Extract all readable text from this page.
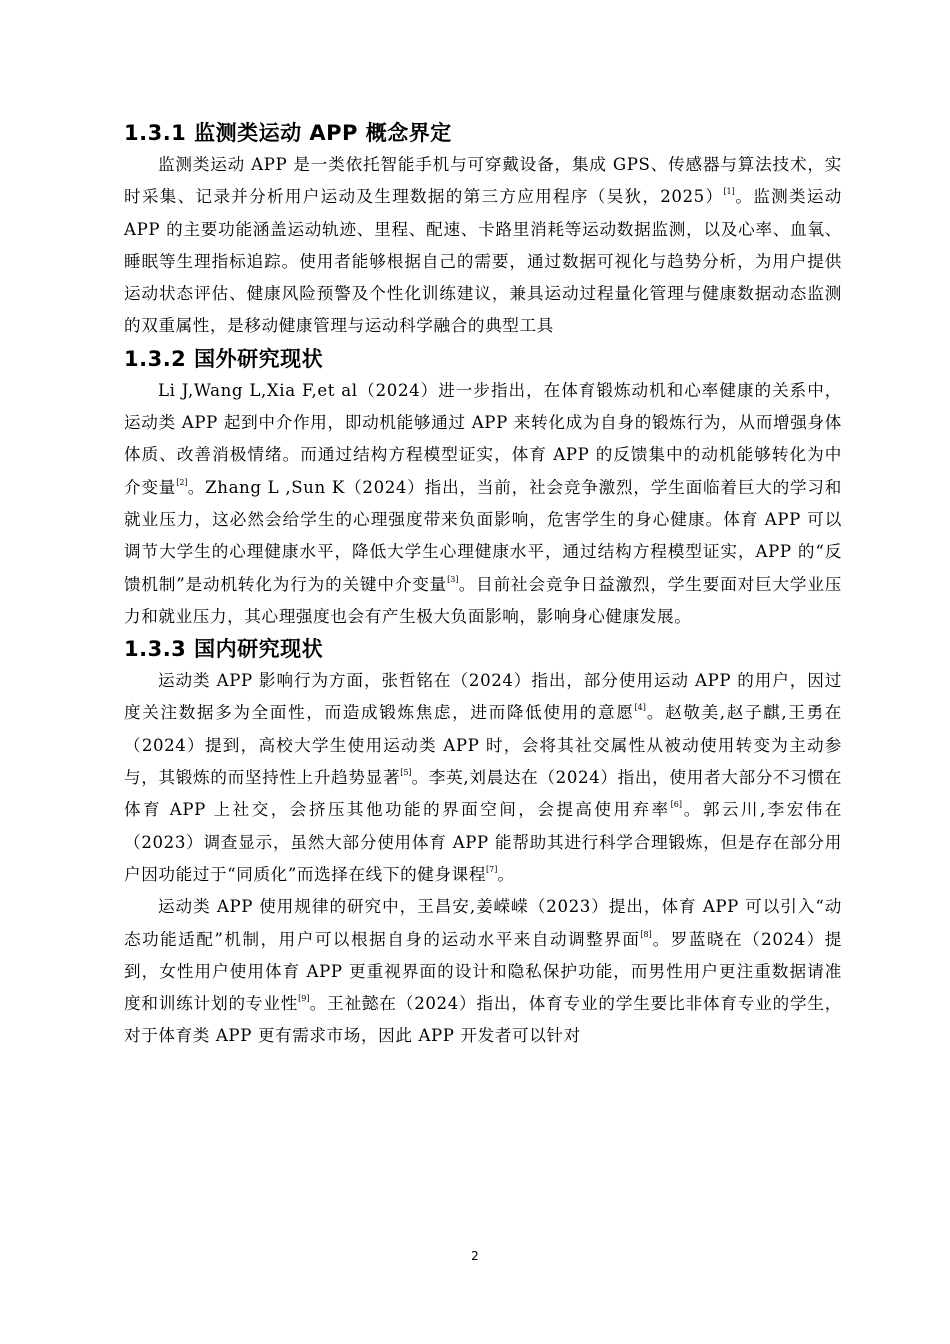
1.3.1 监测类运动 APP 概念界定

监测类运动 APP 是一类依托智能手机与可穿戴设备，集成 GPS、传感器与算法技术，实时采集、记录并分析用户运动及生理数据的第三方应用程序（吴狄，2025）[1]。监测类运动 APP 的主要功能涵盖运动轨迹、里程、配速、卡路里消耗等运动数据监测，以及心率、血氧、睡眠等生理指标追踪。使用者能够根据自己的需要，通过数据可视化与趋势分析，为用户提供运动状态评估、健康风险预警及个性化训练建议，兼具运动过程量化管理与健康数据动态监测的双重属性，是移动健康管理与运动科学融合的典型工具

1.3.2 国外研究现状

Li J,Wang L,Xia F,et al（2024）进一步指出，在体育锻炼动机和心率健康的关系中，运动类 APP 起到中介作用，即动机能够通过 APP 来转化成为自身的锻炼行为，从而增强身体体质、改善消极情绪。而通过结构方程模型证实，体育 APP 的反馈集中的动机能够转化为中介变量[2]。Zhang L ,Sun K（2024）指出，当前，社会竞争激烈，学生面临着巨大的学习和就业压力，这必然会给学生的心理强度带来负面影响，危害学生的身心健康。体育 APP 可以调节大学生的心理健康水平，降低大学生心理健康水平，通过结构方程模型证实，APP 的“反馈机制”是动机转化为行为的关键中介变量[3]。目前社会竞争日益激烈，学生要面对巨大学业压力和就业压力，其心理强度也会有产生极大负面影响，影响身心健康发展。

1.3.3 国内研究现状

运动类 APP 影响行为方面，张哲铭在（2024）指出，部分使用运动 APP 的用户，因过度关注数据多为全面性，而造成锻炼焦虑，进而降低使用的意愿[4]。赵敬美,赵子麒,王勇在（2024）提到，高校大学生使用运动类 APP 时，会将其社交属性从被动使用转变为主动参与，其锻炼的而坚持性上升趋势显著[5]。李英,刘晨达在（2024）指出，使用者大部分不习惯在体育 APP 上社交，会挤压其他功能的界面空间，会提高使用弃率[6]。郭云川,李宏伟在（2023）调查显示，虽然大部分使用体育 APP 能帮助其进行科学合理锻炼，但是存在部分用户因功能过于“同质化”而选择在线下的健身课程[7]。

运动类 APP 使用规律的研究中，王昌安,姜嵘嵘（2023）提出，体育 APP 可以引入“动态功能适配”机制，用户可以根据自身的运动水平来自动调整界面[8]。罗蓝晓在（2024）提到，女性用户使用体育 APP 更重视界面的设计和隐私保护功能，而男性用户更注重数据请准度和训练计划的专业性[9]。王祉懿在（2024）指出，体育专业的学生要比非体育专业的学生，对于体育类 APP 更有需求市场，因此 APP 开发者可以针对

2
